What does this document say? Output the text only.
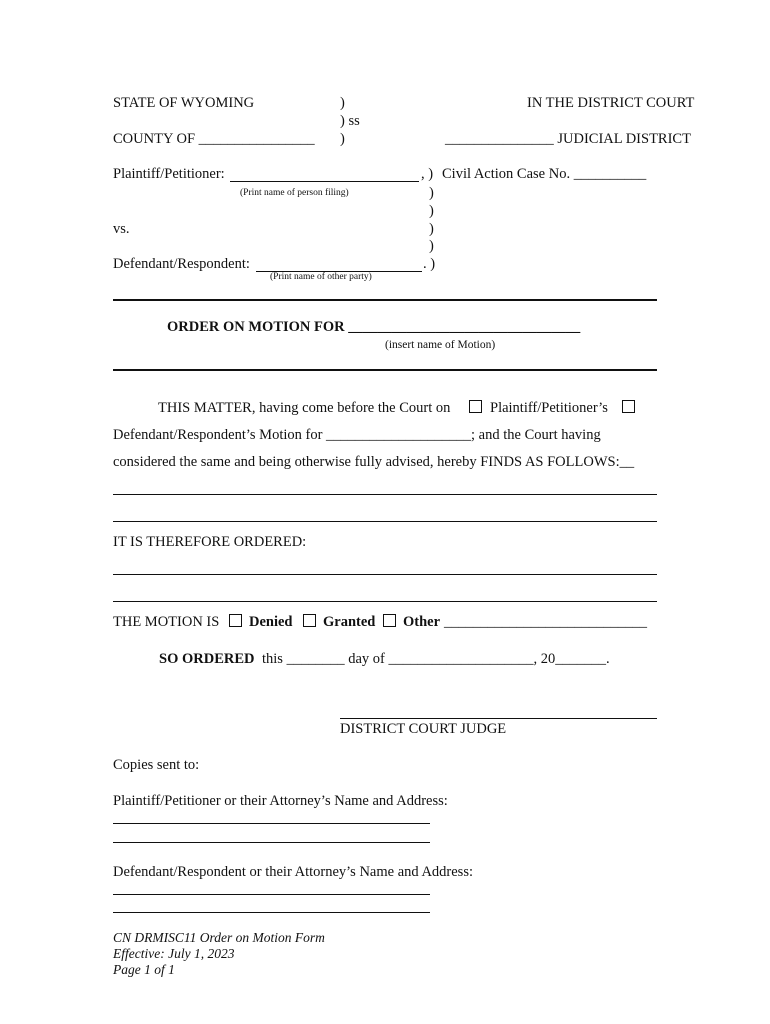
STATE OF WYOMING	)	IN THE DISTRICT COURT
) ss
COUNTY OF ________________ )	_______________ JUDICIAL DISTRICT
Plaintiff/Petitioner:	, ) Civil Action Case No. __________
(Print name of person filing)	)
)
vs.	)
)
Defendant/Respondent:	. )
(Print name of other party)
ORDER ON MOTION FOR ________________________________
(insert name of Motion)
THIS MATTER, having come before the Court on	Plaintiff/Petitioner’s
Defendant/Respondent’s Motion for ____________________; and the Court having
considered the same and being otherwise fully advised, hereby FINDS AS FOLLOWS:__
IT IS THEREFORE ORDERED:
THE MOTION IS Denied Granted Other ____________________________
SO ORDERED this ________ day of ____________________, 20_______.
DISTRICT COURT JUDGE
Copies sent to:
Plaintiff/Petitioner or their Attorney’s Name and Address:
Defendant/Respondent or their Attorney’s Name and Address:
CN DRMISC11 Order on Motion Form
Effective: July 1, 2023
Page 1 of 1
